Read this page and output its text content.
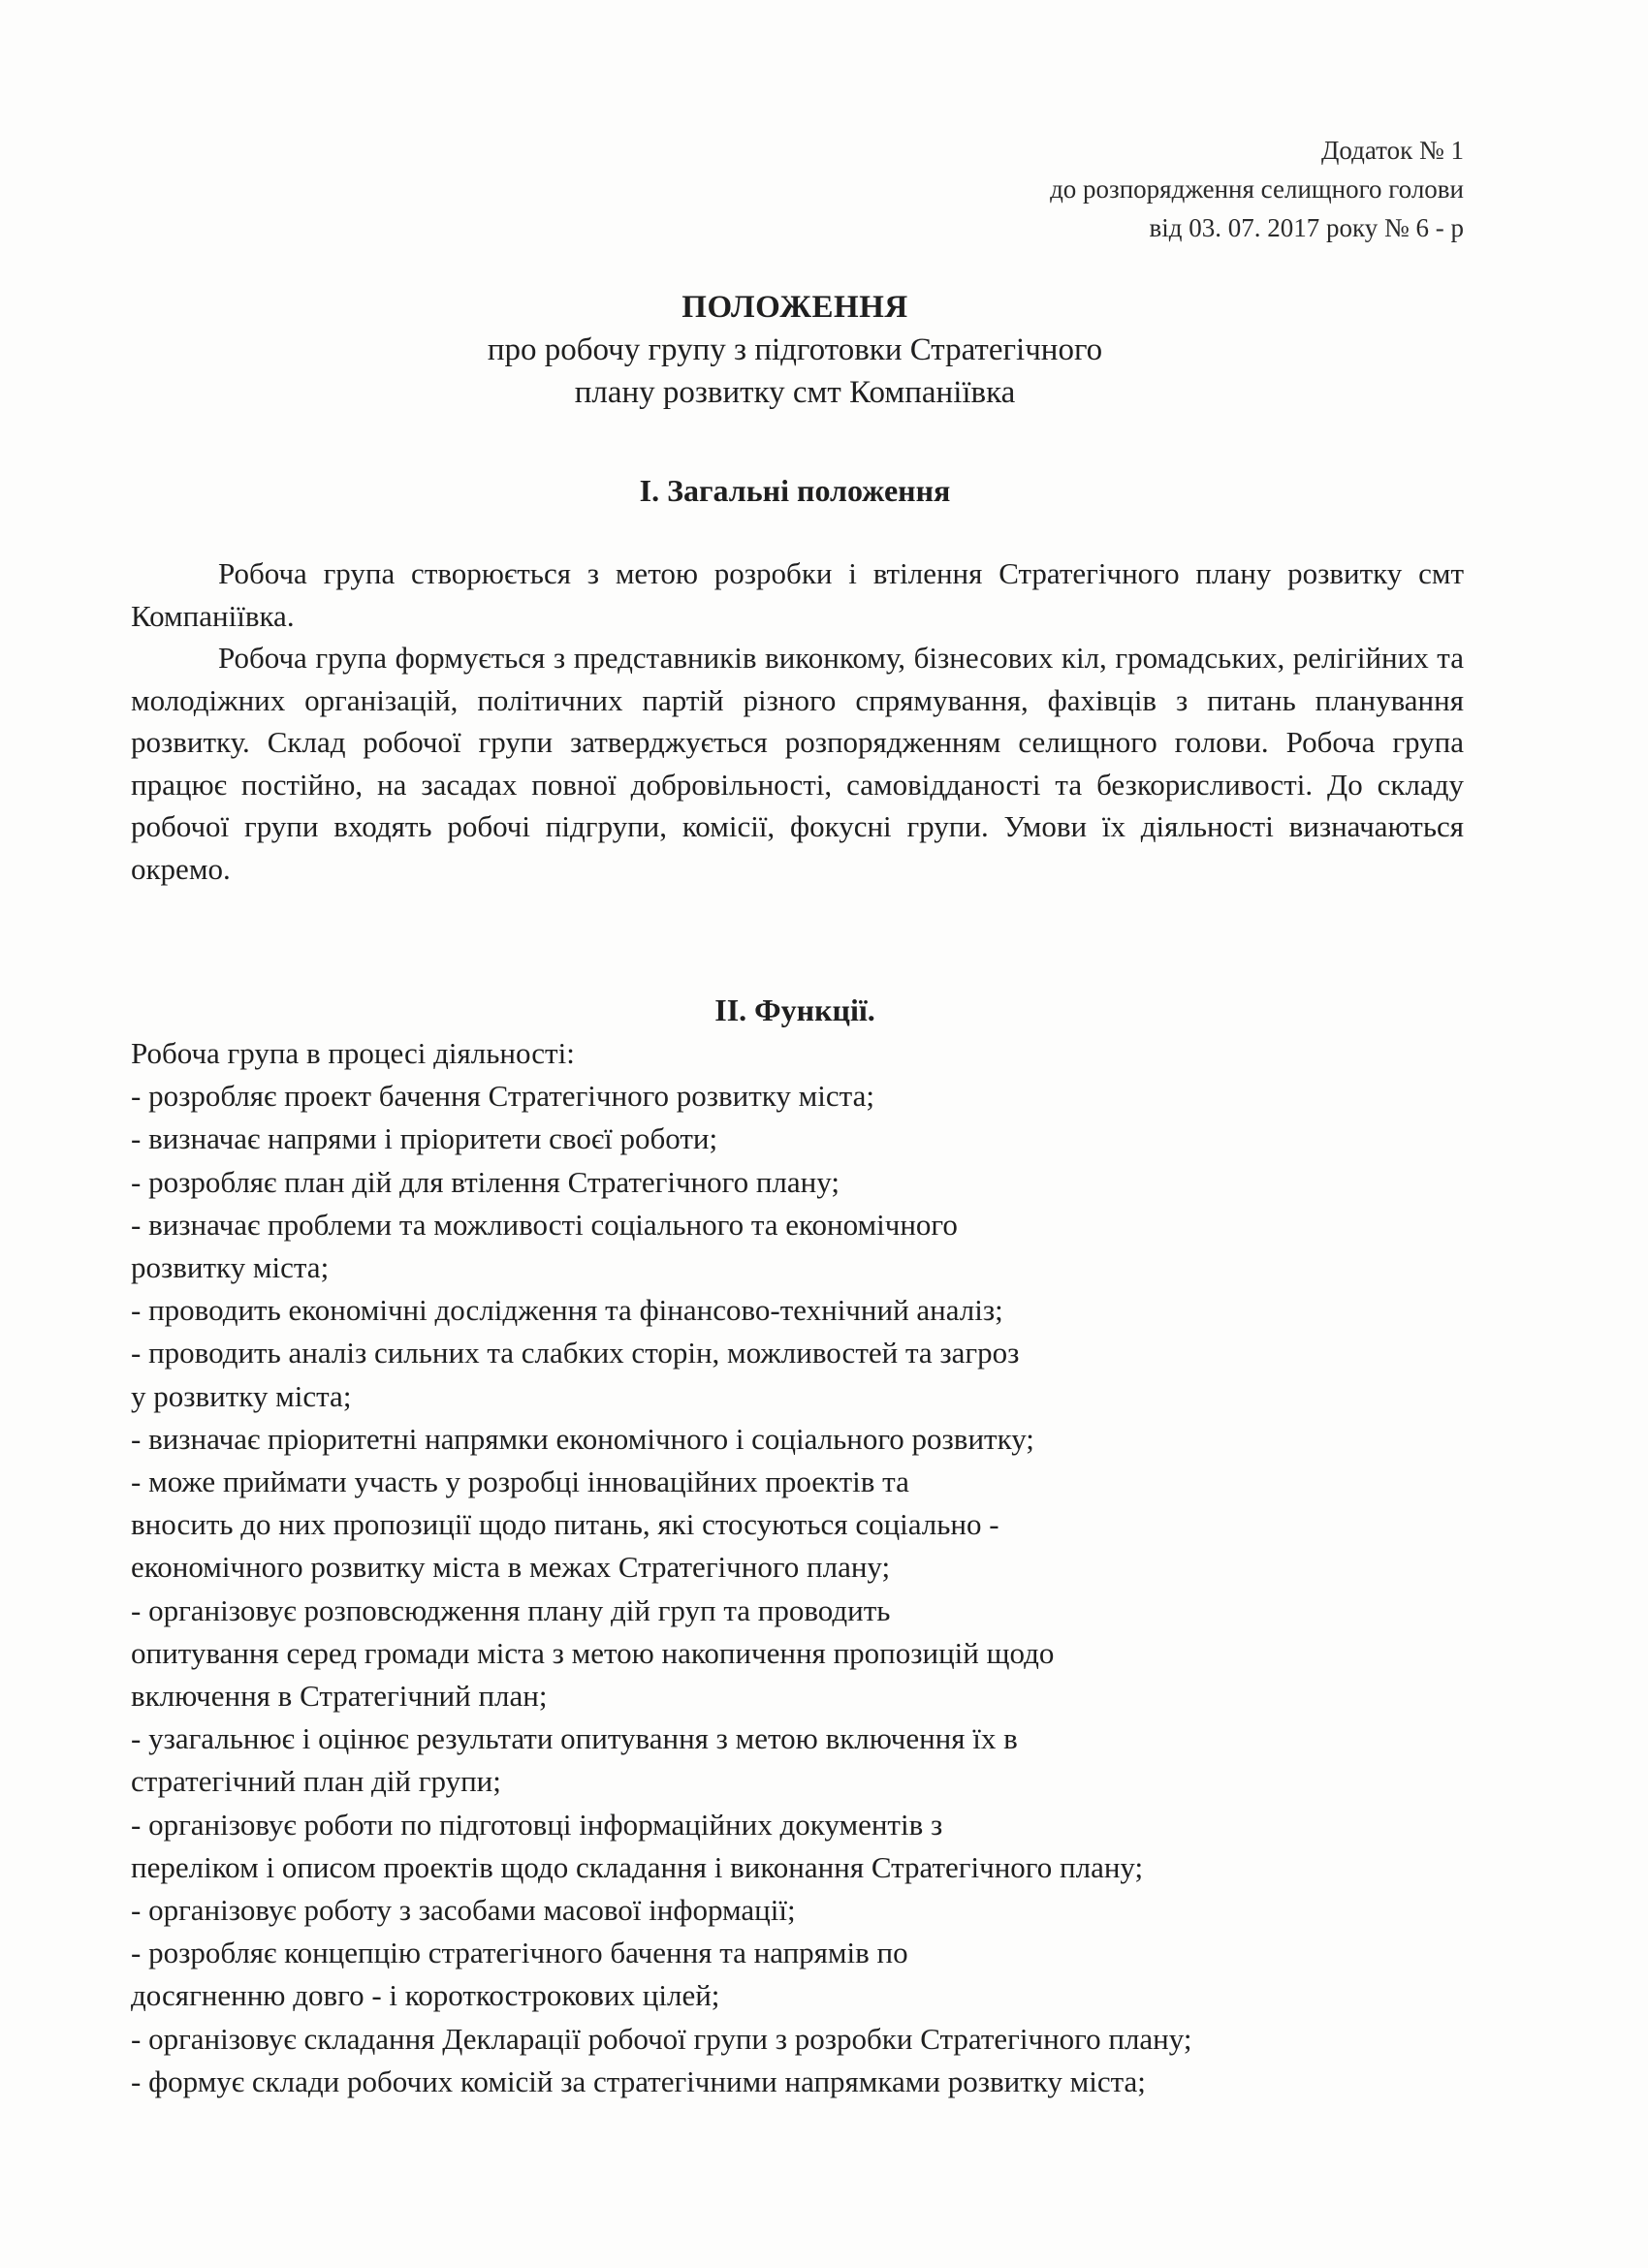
Додаток № 1
до розпорядження селищного голови
від 03. 07. 2017 року № 6 - р
ПОЛОЖЕННЯ
про робочу групу з підготовки Стратегічного
плану розвитку смт Компаніївка
І. Загальні положення

Робоча група створюється з метою розробки і втілення Стратегічного плану розвитку смт Компаніївка.

Робоча група формується з представників виконкому, бізнесових кіл, громадських, релігійних та молодіжних організацій, політичних партій різного спрямування, фахівців з питань планування розвитку. Склад робочої групи затверджується розпорядженням селищного голови. Робоча група працює постійно, на засадах повної добровільності, самовідданості та безкорисливості. До складу робочої групи входять робочі підгрупи, комісії, фокусні групи. Умови їх діяльності визначаються окремо.

ІІ. Функції.

Робоча група в процесі діяльності:

- розробляє проект бачення Стратегічного розвитку міста;
- визначає напрями і пріоритети своєї роботи;
- розробляє план дій для втілення Стратегічного плану;
- визначає проблеми та можливості соціального та економічного
розвитку міста;
- проводить економічні дослідження та фінансово-технічний аналіз;
- проводить аналіз сильних та слабких сторін, можливостей та загроз
у розвитку міста;
- визначає пріоритетні напрямки економічного і соціального розвитку;
- може приймати участь у розробці інноваційних проектів та
вносить до них пропозиції щодо питань, які стосуються соціально -
економічного розвитку міста в межах Стратегічного плану;
- організовує розповсюдження плану дій груп та проводить
опитування серед громади міста з метою накопичення пропозицій щодо
включення в Стратегічний план;
- узагальнює і оцінює результати опитування з метою включення їх в
стратегічний план дій групи;
- організовує роботи по підготовці інформаційних документів з
переліком і описом проектів щодо складання і виконання Стратегічного плану;
- організовує роботу з засобами масової інформації;
- розробляє концепцію стратегічного бачення та напрямів по
досягненню довго - і короткострокових цілей;
- організовує складання Декларації робочої групи з розробки Стратегічного плану;
- формує склади робочих комісій за стратегічними напрямками розвитку міста;
